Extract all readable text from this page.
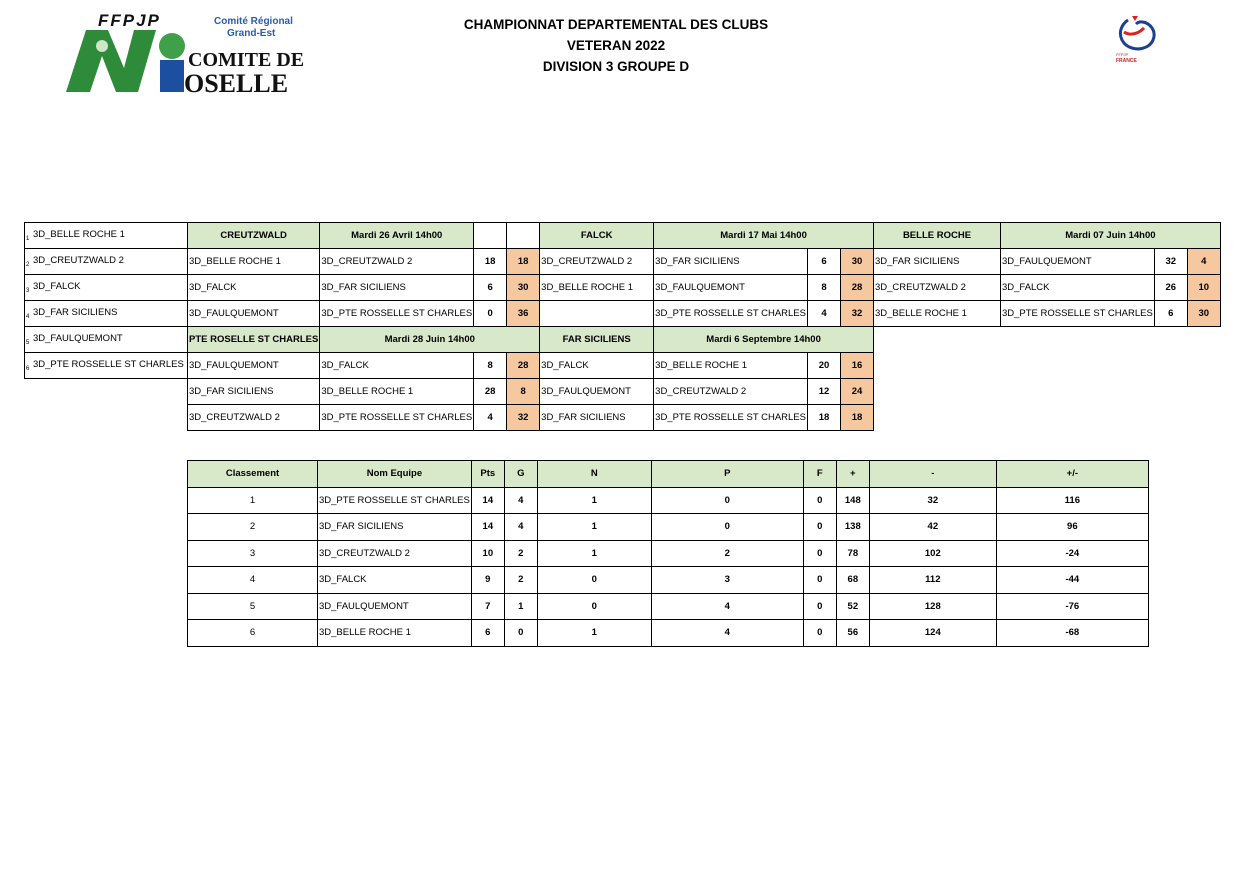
FFPJP	Comité Régional
Grand-Est
COMITE DE
OSELLE
CHAMPIONNAT DEPARTEMENTAL DES CLUBS
VETERAN 2022
DIVISION 3 GROUPE D
FFPJP
FRANCE
1 3D_BELLE ROCHE 1
2 3D_CREUTZWALD 2
3 3D_FALCK
4 3D_FAR SICILIENS
5 3D_FAULQUEMONT
6 3D_PTE ROSSELLE ST CHARLES
CREUTZWALD	Mardi 26 Avril 14h00			FALCK	Mardi 17 Mai 14h00			BELLE ROCHE	Mardi 07 Juin 14h00		
3D_BELLE ROCHE 1	3D_CREUTZWALD 2	18	18	3D_CREUTZWALD 2	3D_FAR SICILIENS	6	30	3D_FAR SICILIENS	3D_FAULQUEMONT	32	4
3D_FALCK	3D_FAR SICILIENS	6	30	3D_BELLE ROCHE 1	3D_FAULQUEMONT	8	28	3D_CREUTZWALD 2	3D_FALCK	26	10
3D_FAULQUEMONT	3D_PTE ROSSELLE ST CHARLES	0	36		3D_PTE ROSSELLE ST CHARLES	4	32	3D_BELLE ROCHE 1	3D_PTE ROSSELLE ST CHARLES	6	30
PTE ROSELLE ST CHARLES	Mardi 28 Juin 14h00			FAR SICILIENS	Mardi 6 Septembre 14h00						
3D_FAULQUEMONT	3D_FALCK	8	28	3D_FALCK	3D_BELLE ROCHE 1	20	16				
3D_FAR SICILIENS	3D_BELLE ROCHE 1	28	8	3D_FAULQUEMONT	3D_CREUTZWALD 2	12	24				
3D_CREUTZWALD 2	3D_PTE ROSSELLE ST CHARLES	4	32	3D_FAR SICILIENS	3D_PTE ROSSELLE ST CHARLES	18	18				
Classement	Nom Equipe	Pts	G	N	P	F	+	-	+/-
1	3D_PTE ROSSELLE ST CHARLES	14	4	1	0	0	148	32	116
2	3D_FAR SICILIENS	14	4	1	0	0	138	42	96
3	3D_CREUTZWALD 2	10	2	1	2	0	78	102	-24
4	3D_FALCK	9	2	0	3	0	68	112	-44
5	3D_FAULQUEMONT	7	1	0	4	0	52	128	-76
6	3D_BELLE ROCHE 1	6	0	1	4	0	56	124	-68
